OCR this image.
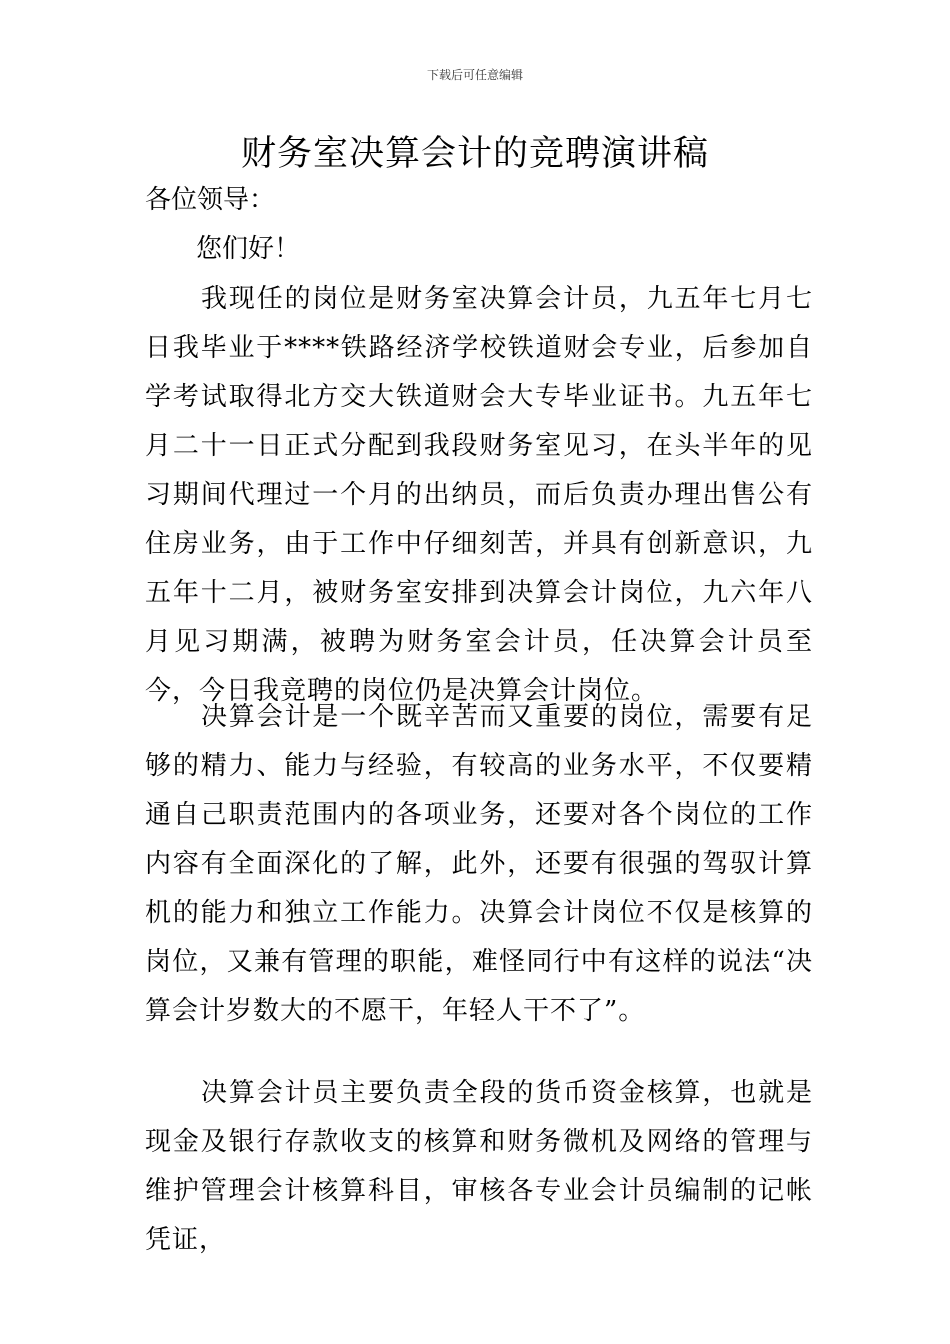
下载后可任意编辑
财务室决算会计的竞聘演讲稿
各位领导：
您们好！

我现任的岗位是财务室决算会计员，九五年七月七日我毕业于****铁路经济学校铁道财会专业，后参加自学考试取得北方交大铁道财会大专毕业证书。九五年七月二十一日正式分配到我段财务室见习，在头半年的见习期间代理过一个月的出纳员，而后负责办理出售公有住房业务，由于工作中仔细刻苦，并具有创新意识，九五年十二月，被财务室安排到决算会计岗位，九六年八月见习期满，被聘为财务室会计员，任决算会计员至今，今日我竞聘的岗位仍是决算会计岗位。

决算会计是一个既辛苦而又重要的岗位，需要有足够的精力、能力与经验，有较高的业务水平，不仅要精通自己职责范围内的各项业务，还要对各个岗位的工作内容有全面深化的了解，此外，还要有很强的驾驭计算机的能力和独立工作能力。决算会计岗位不仅是核算的岗位，又兼有管理的职能，难怪同行中有这样的说法“决算会计岁数大的不愿干，年轻人干不了”。

决算会计员主要负责全段的货币资金核算，也就是现金及银行存款收支的核算和财务微机及网络的管理与维护管理会计核算科目，审核各专业会计员编制的记帐凭证，
